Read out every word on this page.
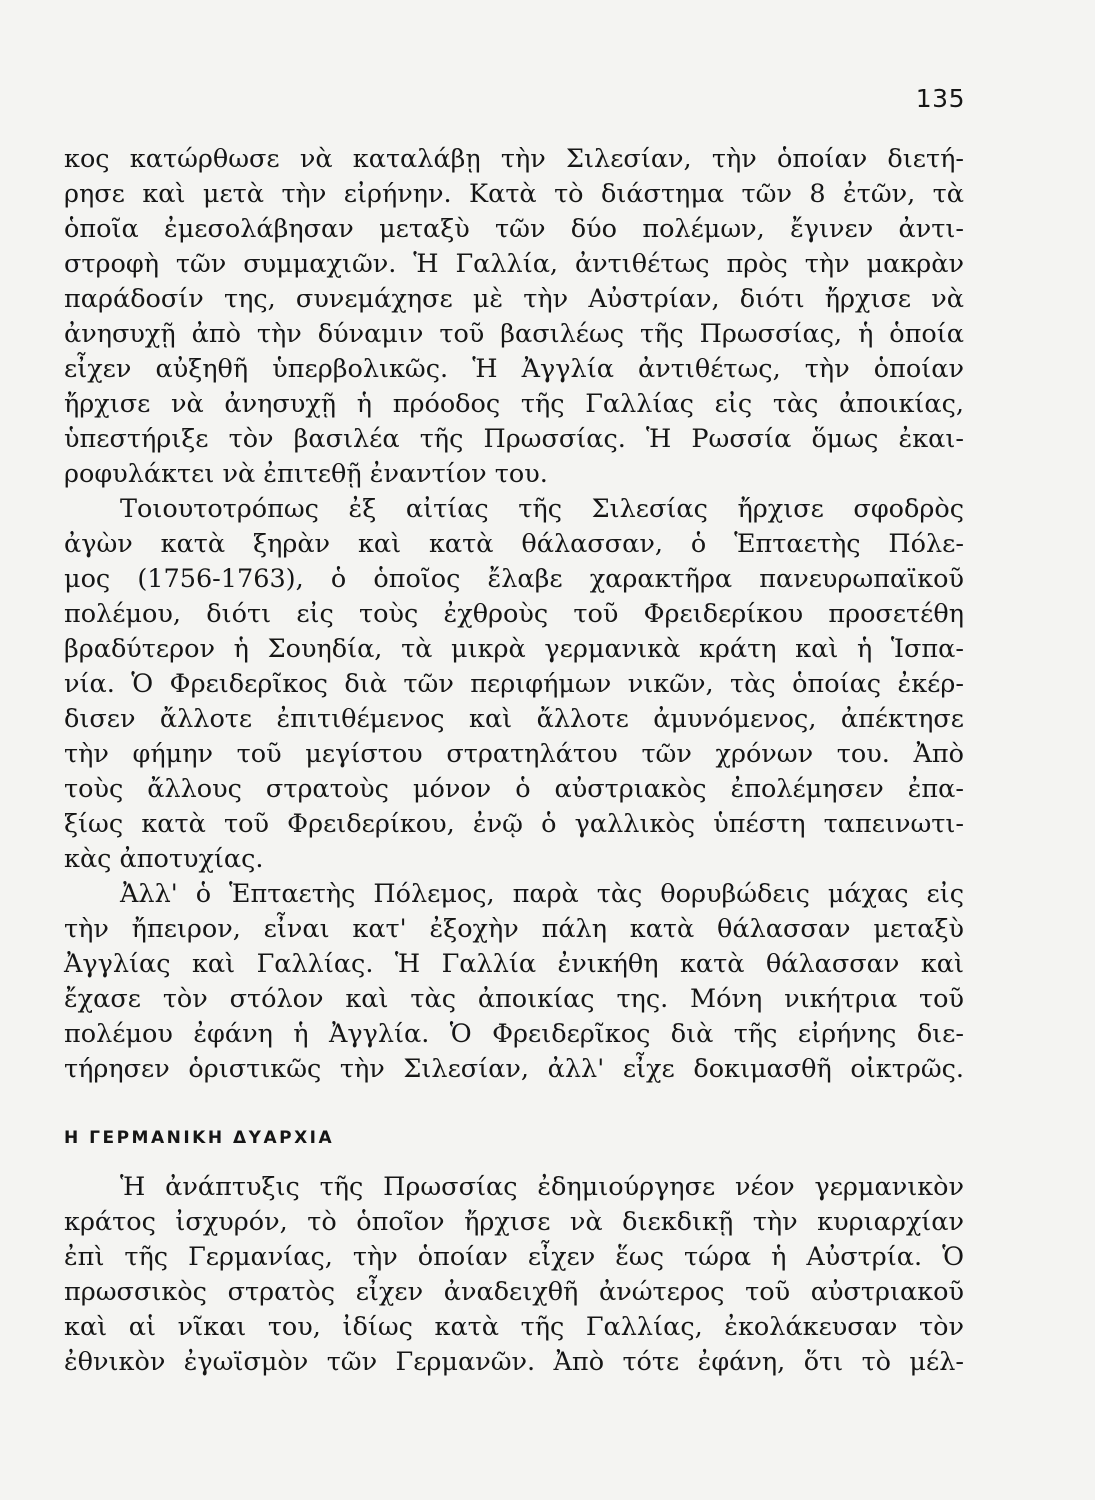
135
κος κατώρθωσε νὰ καταλάβῃ τὴν Σιλεσίαν, τὴν ὁποίαν διετή-
ρησε καὶ μετὰ τὴν εἰρήνην. Κατὰ τὸ διάστημα τῶν 8 ἐτῶν, τὰ
ὁποῖα ἐμεσολάβησαν μεταξὺ τῶν δύο πολέμων, ἔγινεν ἀντι-
στροφὴ τῶν συμμαχιῶν. Ἡ Γαλλία, ἀντιθέτως πρὸς τὴν μακρὰν
παράδοσίν της, συνεμάχησε μὲ τὴν Αὐστρίαν, διότι ἤρχισε νὰ
ἀνησυχῇ ἀπὸ τὴν δύναμιν τοῦ βασιλέως τῆς Πρωσσίας, ἡ ὁποία
εἶχεν αὐξηθῆ ὑπερβολικῶς. Ἡ Ἀγγλία ἀντιθέτως, τὴν ὁποίαν
ἤρχισε νὰ ἀνησυχῇ ἡ πρόοδος τῆς Γαλλίας εἰς τὰς ἀποικίας,
ὑπεστήριξε τὸν βασιλέα τῆς Πρωσσίας. Ἡ Ρωσσία ὅμως ἐκαι-
ροφυλάκτει νὰ ἐπιτεθῇ ἐναντίον του.
Τοιουτοτρόπως ἐξ αἰτίας τῆς Σιλεσίας ἤρχισε σφοδρὸς
ἀγὼν κατὰ ξηρὰν καὶ κατὰ θάλασσαν, ὁ Ἑπταετὴς Πόλε-
μος (1756-1763), ὁ ὁποῖος ἔλαβε χαρακτῆρα πανευρωπαϊκοῦ
πολέμου, διότι εἰς τοὺς ἐχθροὺς τοῦ Φρειδερίκου προσετέθη
βραδύτερον ἡ Σουηδία, τὰ μικρὰ γερμανικὰ κράτη καὶ ἡ Ἱσπα-
νία. Ὁ Φρειδερῖκος διὰ τῶν περιφήμων νικῶν, τὰς ὁποίας ἐκέρ-
δισεν ἄλλοτε ἐπιτιθέμενος καὶ ἄλλοτε ἀμυνόμενος, ἀπέκτησε
τὴν φήμην τοῦ μεγίστου στρατηλάτου τῶν χρόνων του. Ἀπὸ
τοὺς ἄλλους στρατοὺς μόνον ὁ αὐστριακὸς ἐπολέμησεν ἐπα-
ξίως κατὰ τοῦ Φρειδερίκου, ἐνῷ ὁ γαλλικὸς ὑπέστη ταπεινωτι-
κὰς ἀποτυχίας.
Ἀλλ' ὁ Ἑπταετὴς Πόλεμος, παρὰ τὰς θορυβώδεις μάχας εἰς
τὴν ἤπειρον, εἶναι κατ' ἐξοχὴν πάλη κατὰ θάλασσαν μεταξὺ
Ἀγγλίας καὶ Γαλλίας. Ἡ Γαλλία ἐνικήθη κατὰ θάλασσαν καὶ
ἔχασε τὸν στόλον καὶ τὰς ἀποικίας της. Μόνη νικήτρια τοῦ
πολέμου ἐφάνη ἡ Ἀγγλία. Ὁ Φρειδερῖκος διὰ τῆς εἰρήνης διε-
τήρησεν ὁριστικῶς τὴν Σιλεσίαν, ἀλλ' εἶχε δοκιμασθῆ οἰκτρῶς.
Η ΓΕΡΜΑΝΙΚΗ ΔΥΑΡΧΙΑ
Ἡ ἀνάπτυξις τῆς Πρωσσίας ἐδημιούργησε νέον γερμανικὸν
κράτος ἰσχυρόν, τὸ ὁποῖον ἤρχισε νὰ διεκδικῇ τὴν κυριαρχίαν
ἐπὶ τῆς Γερμανίας, τὴν ὁποίαν εἶχεν ἕως τώρα ἡ Αὐστρία. Ὁ
πρωσσικὸς στρατὸς εἶχεν ἀναδειχθῆ ἀνώτερος τοῦ αὐστριακοῦ
καὶ αἱ νῖκαι του, ἰδίως κατὰ τῆς Γαλλίας, ἐκολάκευσαν τὸν
ἐθνικὸν ἐγωϊσμὸν τῶν Γερμανῶν. Ἀπὸ τότε ἐφάνη, ὅτι τὸ μέλ-
